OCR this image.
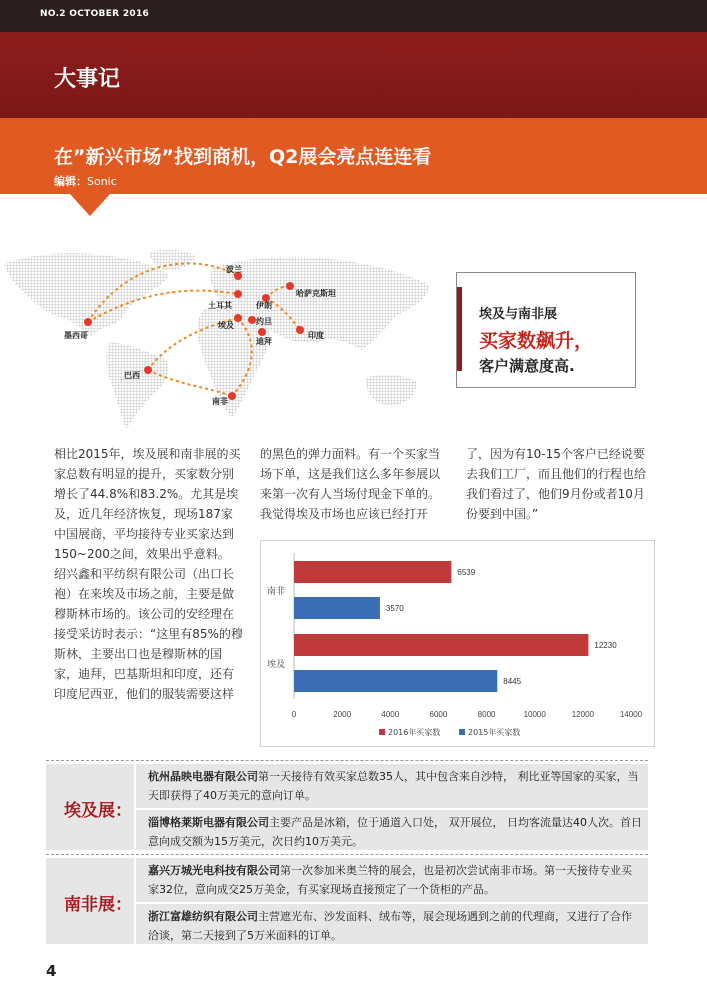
NO.2 OCTOBER 2016
大事记
在”新兴市场”找到商机，Q2展会亮点连连看
编辑：Sonic
墨西哥
巴西
南非
波兰
土耳其	伊朗
哈萨克斯坦
埃及	约旦
迪拜
印度
埃及与南非展
买家数飙升，
客户满意度高.

相比2015年，埃及展和南非展的买家总数有明显的提升，买家数分别增长了44.8%和83.2%。尤其是埃及，近几年经济恢复，现场187家中国展商，平均接待专业买家达到150~200之间，效果出乎意料。

绍兴鑫和平纺织有限公司（出口长袍）在来埃及市场之前，主要是做穆斯林市场的。该公司的安经理在接受采访时表示：“这里有85%的穆斯林，主要出口也是穆斯林的国家，迪拜，巴基斯坦和印度，还有印度尼西亚，他们的服装需要这样

的黑色的弹力面料。有一个买家当场下单，这是我们这么多年参展以来第一次有人当场付现金下单的。我觉得埃及市场也应该已经打开

了，因为有10-15个客户已经说要去我们工厂，而且他们的行程也给我们看过了，他们9月份或者10月份要到中国。”

0	2000	4000	6000	8000	10000	12000	14000
南非
6539
3570
埃及
12230
8445
2016年买家数	2015年买家数
埃及展：
杭州晶映电器有限公司第一天接待有效买家总数35人，其中包含来自沙特， 利比亚等国家的买家，当天即获得了40万美元的意向订单。
淄博格莱斯电器有限公司主要产品是冰箱，位于通道入口处， 双开展位， 日均客流量达40人次。首日意向成交额为15万美元，次日约10万美元。
南非展：
嘉兴万城光电科技有限公司第一次参加米奥兰特的展会，也是初次尝试南非市场。第一天接待专业买家32位，意向成交25万美金，有买家现场直接预定了一个货柜的产品。
浙江富雄纺织有限公司主营遮光布、沙发面料、绒布等，展会现场遇到之前的代理商，又进行了合作洽谈，第二天接到了5万米面料的订单。
4
